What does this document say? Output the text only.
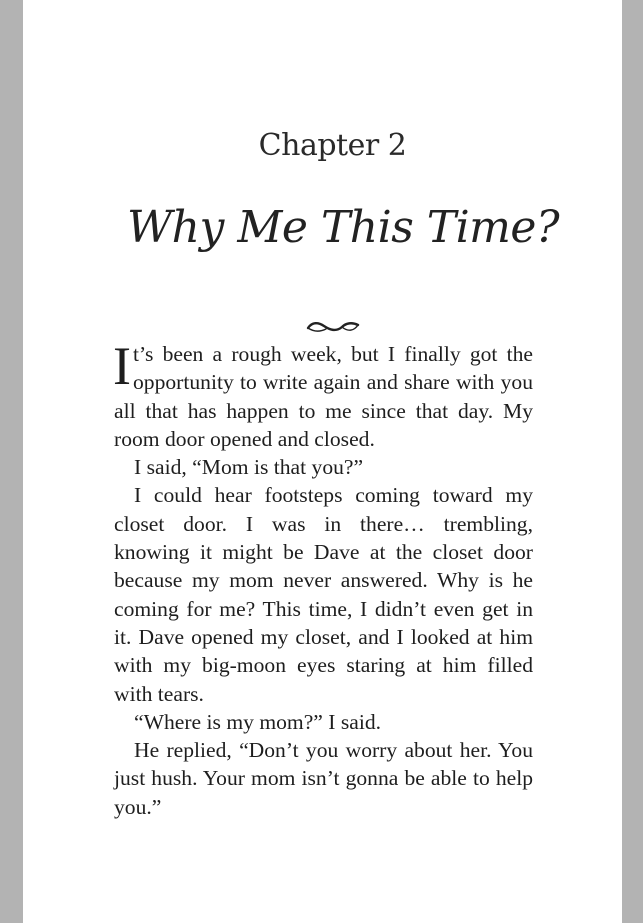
Chapter 2
Why Me This Time?

It’s been a rough week, but I finally got the opportunity to write again and share with you all that has happen to me since that day. My room door opened and closed.

I said, “Mom is that you?”

I could hear footsteps coming toward my closet door. I was in there… trembling, knowing it might be Dave at the closet door because my mom never answered. Why is he coming for me? This time, I didn’t even get in it. Dave opened my closet, and I looked at him with my big-moon eyes staring at him filled with tears.

“Where is my mom?” I said.

He replied, “Don’t you worry about her. You just hush. Your mom isn’t gonna be able to help you.”
